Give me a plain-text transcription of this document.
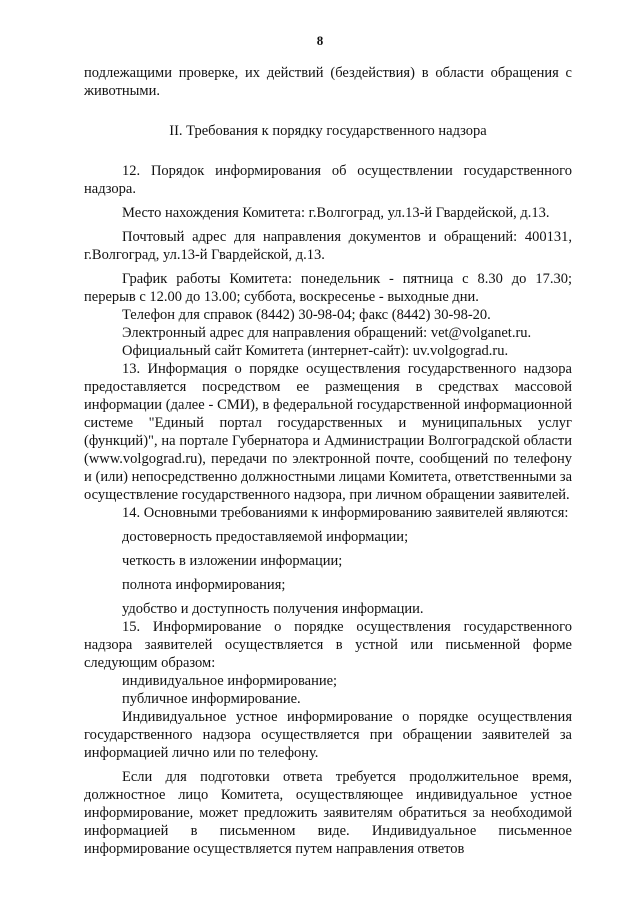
8

подлежащими проверке, их действий (бездействия) в области обращения с животными.

II. Требования к порядку государственного надзора

12. Порядок информирования об осуществлении государственного надзора.

Место нахождения Комитета: г.Волгоград, ул.13-й Гвардейской, д.13.

Почтовый адрес для направления документов и обращений: 400131, г.Волгоград, ул.13-й Гвардейской, д.13.

График работы Комитета: понедельник - пятница с 8.30 до 17.30; перерыв с 12.00 до 13.00; суббота, воскресенье - выходные дни.

Телефон для справок (8442) 30-98-04; факс (8442) 30-98-20.

Электронный адрес для направления обращений: vet@volganet.ru.

Официальный сайт Комитета (интернет-сайт): uv.volgograd.ru.

13. Информация о порядке осуществления государственного надзора предоставляется посредством ее размещения в средствах массовой информации (далее - СМИ), в федеральной государственной информационной системе "Единый портал государственных и муниципальных услуг (функций)", на портале Губернатора и Администрации Волгоградской области (www.volgograd.ru), передачи по электронной почте, сообщений по телефону и (или) непосредственно должностными лицами Комитета, ответственными за осуществление государственного надзора, при личном обращении заявителей.

14. Основными требованиями к информированию заявителей являются:

достоверность предоставляемой информации;

четкость в изложении информации;

полнота информирования;

удобство и доступность получения информации.

15. Информирование о порядке осуществления государственного надзора заявителей осуществляется в устной или письменной форме следующим образом:

индивидуальное информирование;

публичное информирование.

Индивидуальное устное информирование о порядке осуществления государственного надзора осуществляется при обращении заявителей за информацией лично или по телефону.

Если для подготовки ответа требуется продолжительное время, должностное лицо Комитета, осуществляющее индивидуальное устное информирование, может предложить заявителям обратиться за необходимой информацией в письменном виде. Индивидуальное письменное информирование осуществляется путем направления ответов
